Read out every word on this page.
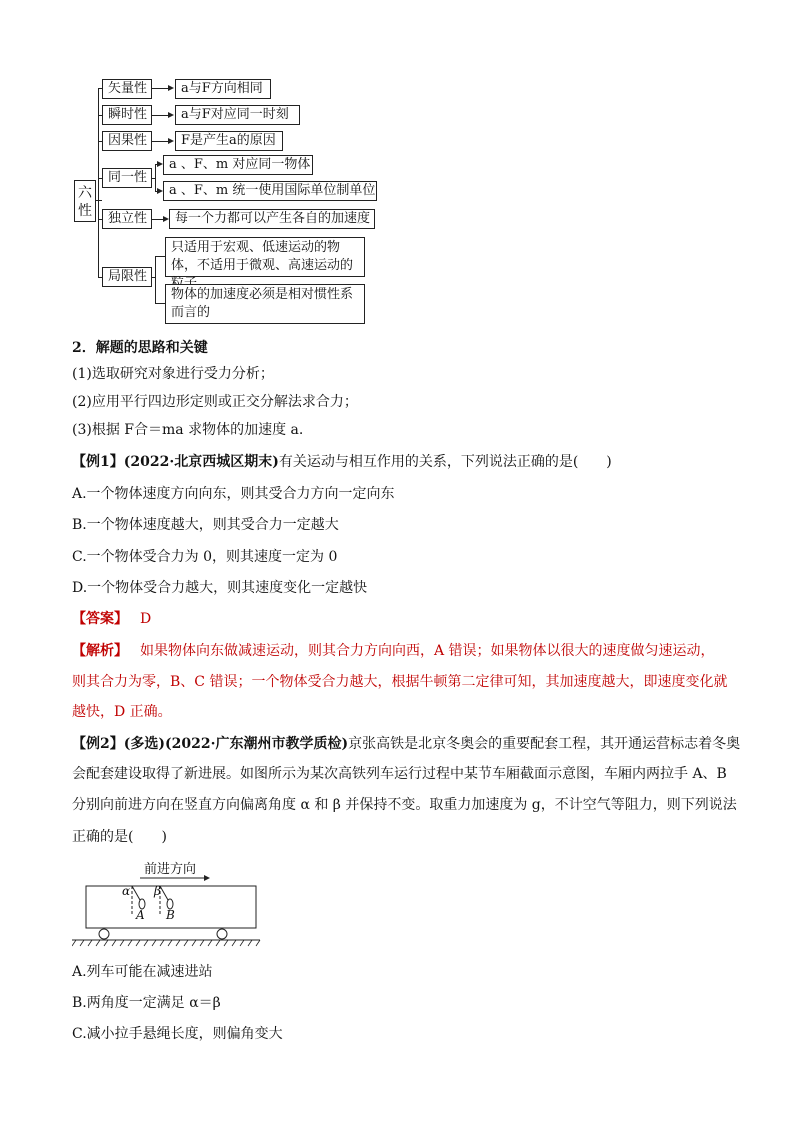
六性
矢量性
瞬时性
因果性
同一性
独立性
局限性
a与F方向相同
a与F对应同一时刻
F是产生a的原因
每一个力都可以产生各自的加速度
a 、F、m 对应同一物体
a 、F、m 统一使用国际单位制单位
只适用于宏观、低速运动的物体，不适用于微观、高速运动的
物体的加速度必须是相对惯性系而言的
2．解题的思路和关键
(1)选取研究对象进行受力分析；
(2)应用平行四边形定则或正交分解法求合力；
(3)根据 F合＝ma 求物体的加速度 a.
【例1】(2022·北京西城区期末)有关运动与相互作用的关系，下列说法正确的是(　　)
A.一个物体速度方向向东，则其受合力方向一定向东
B.一个物体速度越大，则其受合力一定越大
C.一个物体受合力为 0，则其速度一定为 0
D.一个物体受合力越大，则其速度变化一定越快
【答案】 D
【解析】 如果物体向东做减速运动，则其合力方向向西，A 错误；如果物体以很大的速度做匀速运动，
则其合力为零，B、C 错误；一个物体受合力越大，根据牛顿第二定律可知，其加速度越大，即速度变化就
越快，D 正确。
【例2】(多选)(2022·广东潮州市教学质检)京张高铁是北京冬奥会的重要配套工程，其开通运营标志着冬奥
会配套建设取得了新进展。如图所示为某次高铁列车运行过程中某节车厢截面示意图，车厢内两拉手 A、B
分别向前进方向在竖直方向偏离角度 α 和 β 并保持不变。取重力加速度为 g，不计空气等阻力，则下列说法
正确的是(　　)
前进方向
α β
A B
A.列车可能在减速进站
B.两角度一定满足 α＝β
C.减小拉手悬绳长度，则偏角变大
